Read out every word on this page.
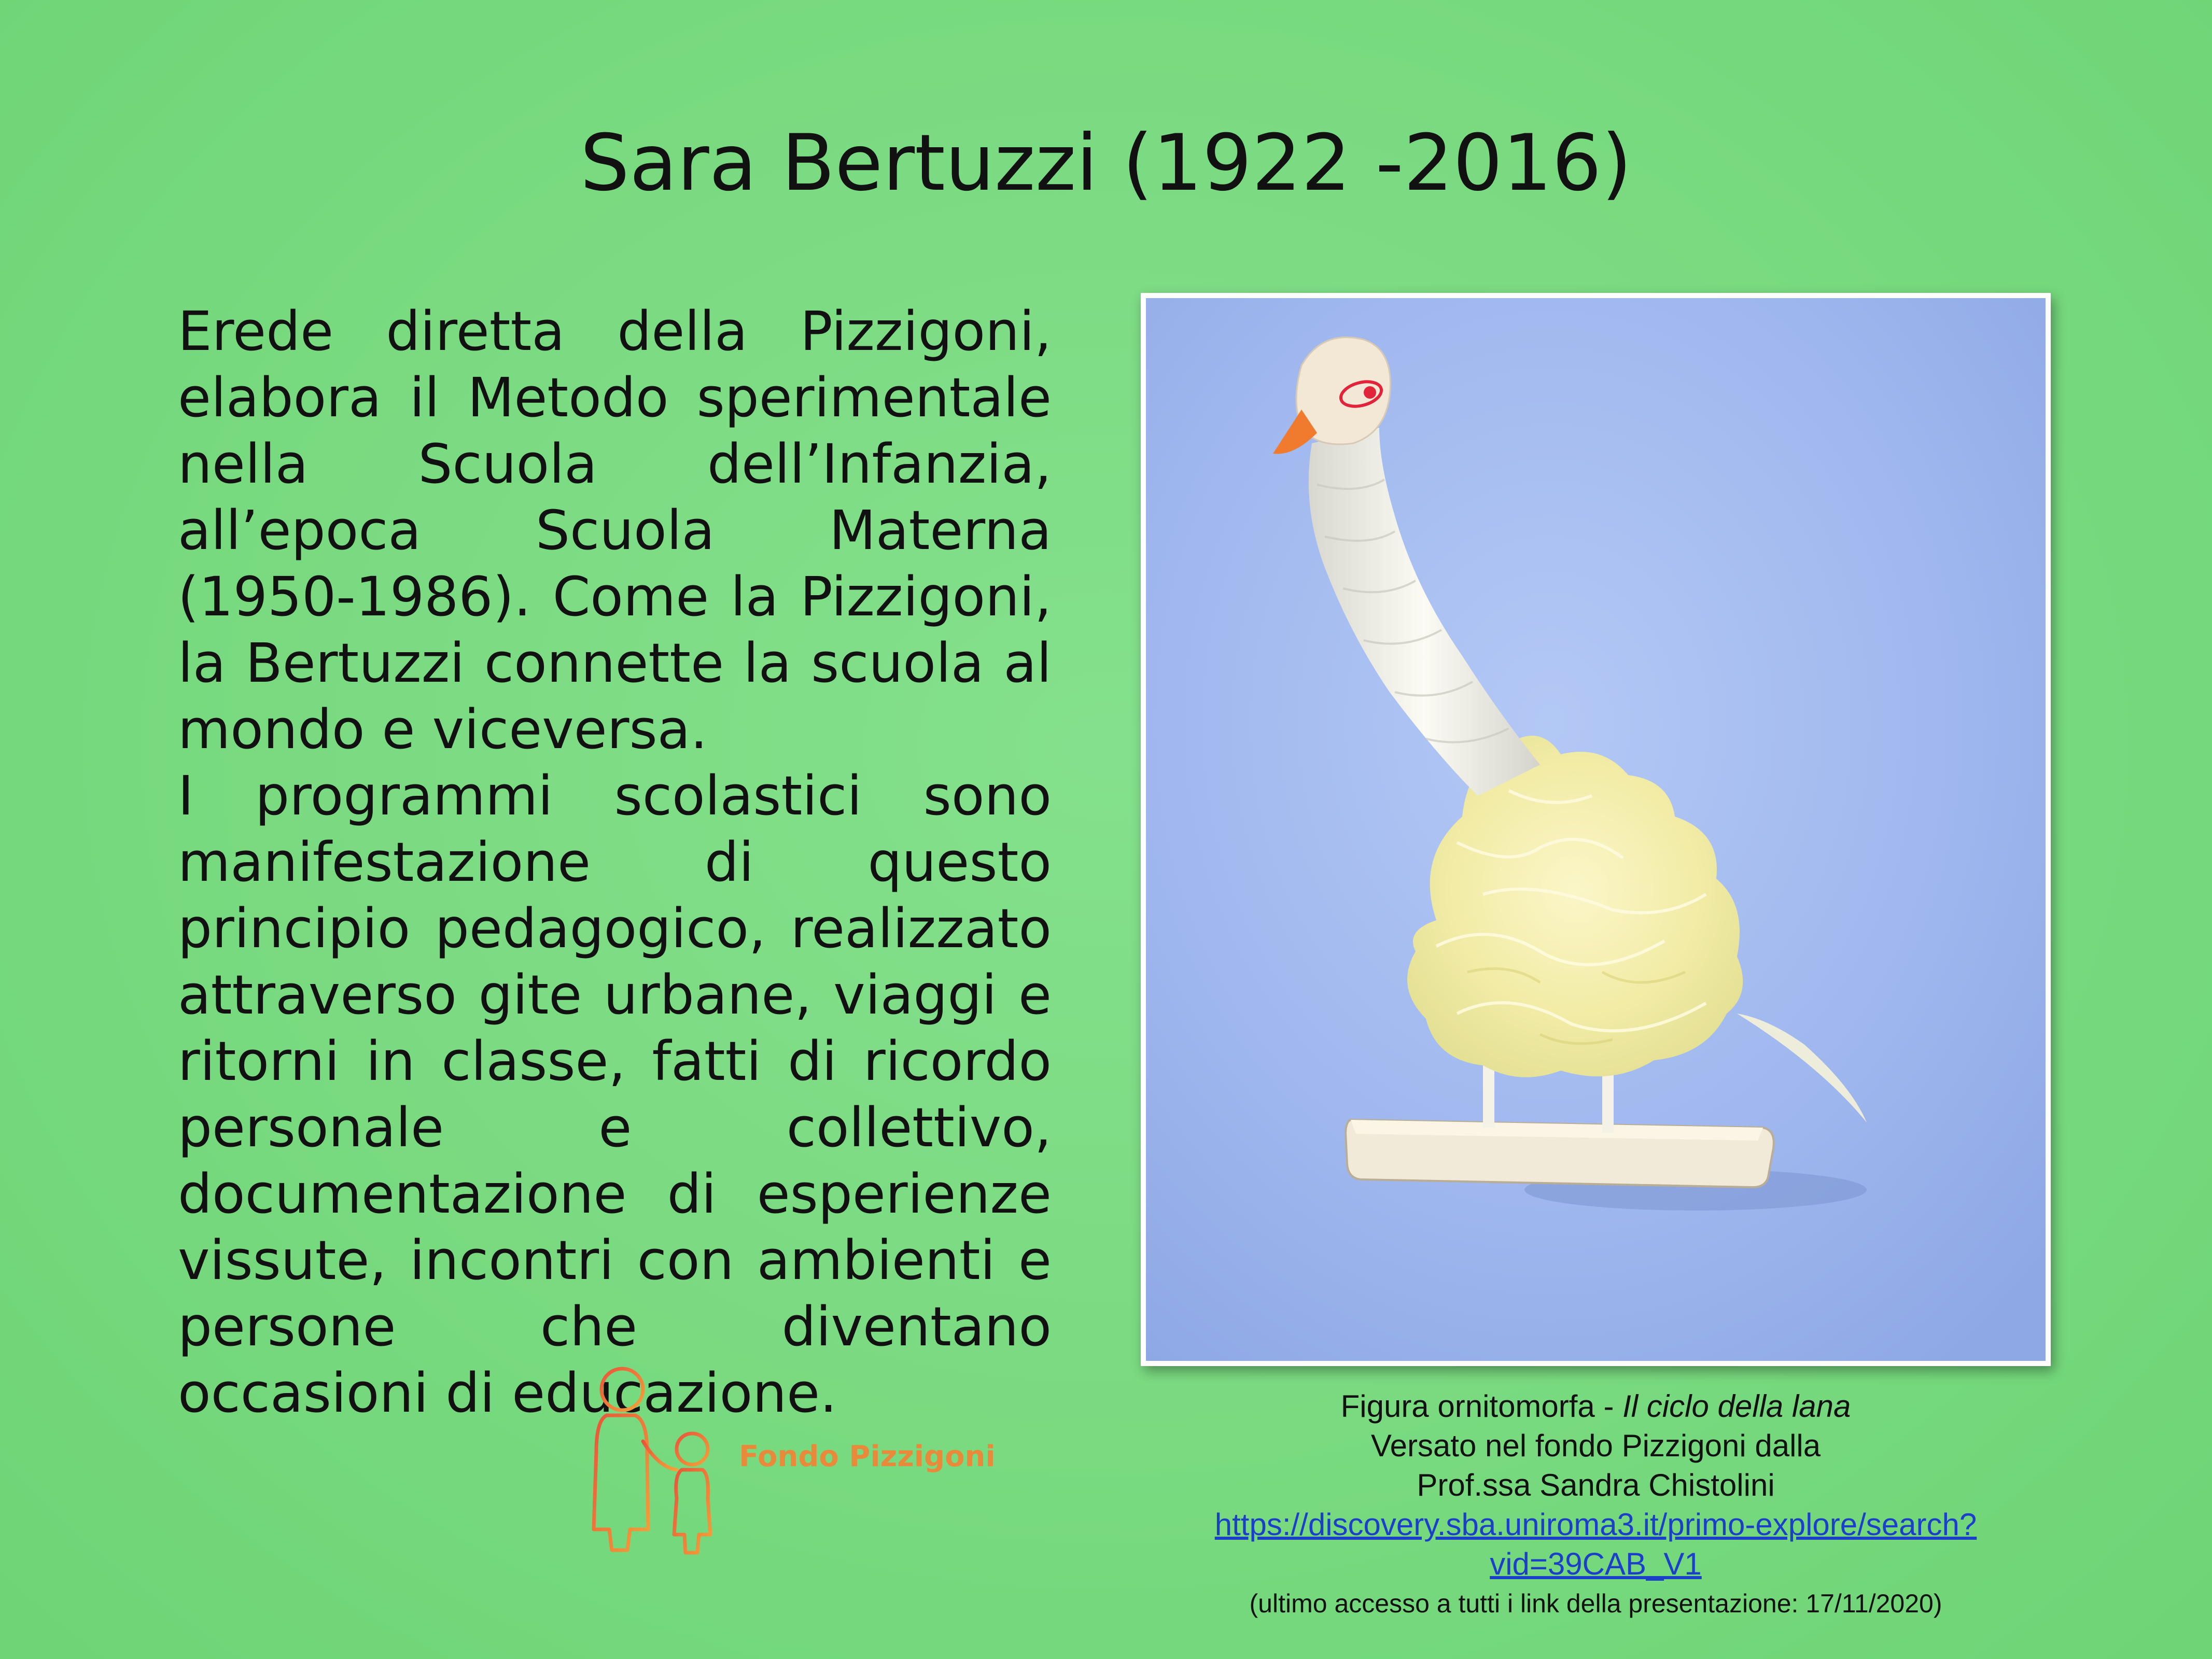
Sara Bertuzzi (1922 -2016)

Erede diretta della Pizzigoni, elabora il Metodo sperimentale nella Scuola dell’Infanzia, all’epoca Scuola Materna (1950-1986). Come la Pizzigoni, la Bertuzzi connette la scuola al mondo e viceversa.

I programmi scolastici sono manifestazione di questo principio pedagogico, realizzato attraverso gite urbane, viaggi e ritorni in classe, fatti di ricordo personale e collettivo, documentazione di esperienze vissute, incontri con ambienti e persone che diventano occasioni di educazione.	Figura ornitomorfa - Il ciclo della lana
Versato nel fondo Pizzigoni dalla
Prof.ssa Sandra Chistolini
https://discovery.sba.uniroma3.it/primo-explore/search?vid=39CAB_V1
(ultimo accesso a tutti i link della presentazione: 17/11/2020)
Fondo Pizzigoni
